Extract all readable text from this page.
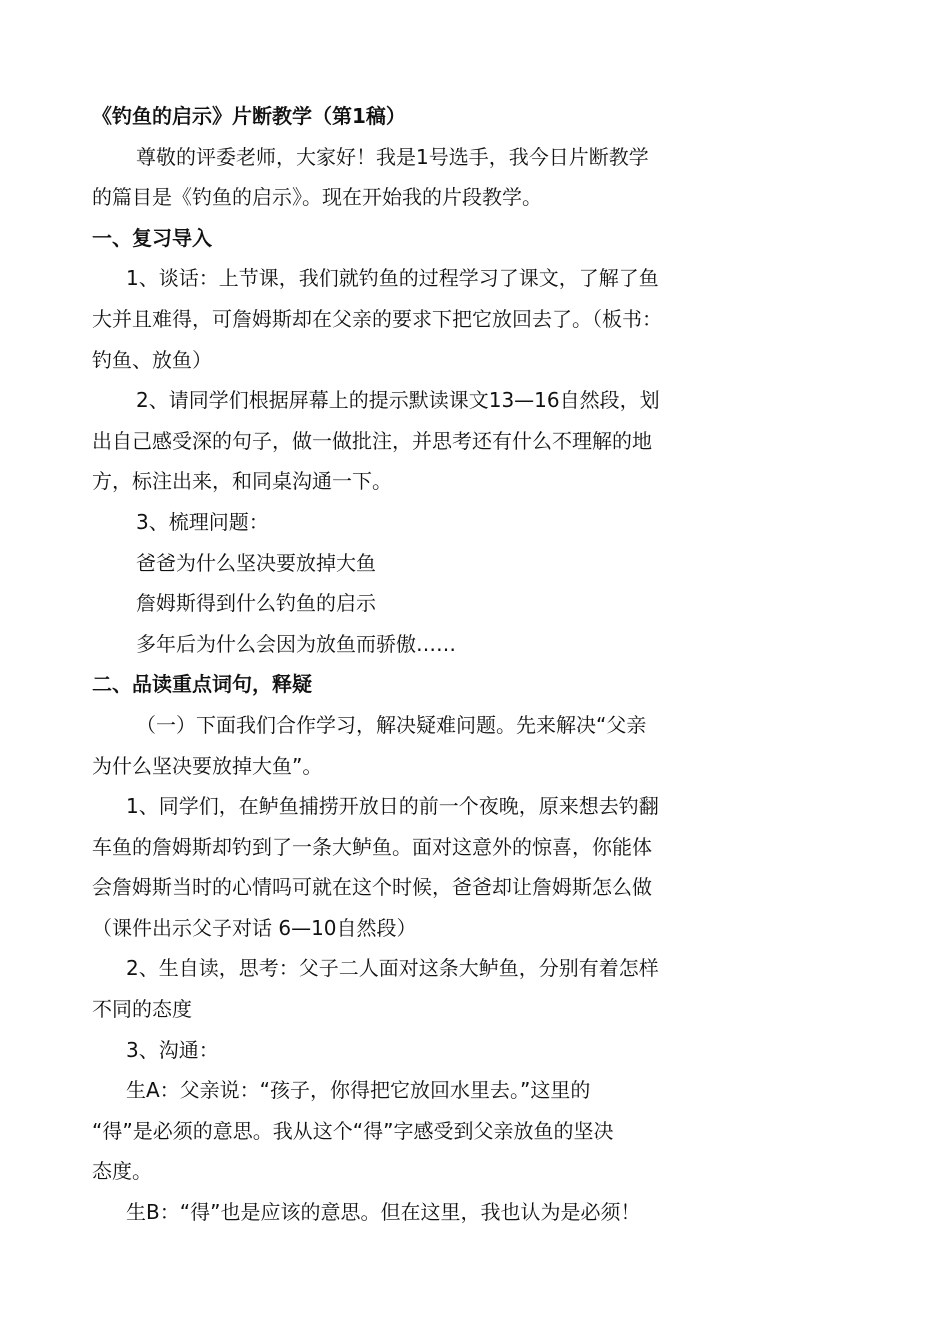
《钓鱼的启示》片断教学（第1稿）
尊敬的评委老师，大家好！我是1号选手，我今日片断教学
的篇目是《钓鱼的启示》。现在开始我的片段教学。
一、复习导入
1、谈话：上节课，我们就钓鱼的过程学习了课文，了解了鱼
大并且难得，可詹姆斯却在父亲的要求下把它放回去了。（板书：
钓鱼、放鱼）
2、请同学们根据屏幕上的提示默读课文13—16自然段，划
出自己感受深的句子，做一做批注，并思考还有什么不理解的地
方，标注出来，和同桌沟通一下。
3、梳理问题：
爸爸为什么坚决要放掉大鱼
詹姆斯得到什么钓鱼的启示
多年后为什么会因为放鱼而骄傲……
二、品读重点词句，释疑
（一）下面我们合作学习，解决疑难问题。先来解决“父亲
为什么坚决要放掉大鱼”。
1、同学们，在鲈鱼捕捞开放日的前一个夜晚，原来想去钓翻
车鱼的詹姆斯却钓到了一条大鲈鱼。面对这意外的惊喜，你能体
会詹姆斯当时的心情吗可就在这个时候，爸爸却让詹姆斯怎么做
（课件出示父子对话 6—10自然段）
2、生自读，思考：父子二人面对这条大鲈鱼，分别有着怎样
不同的态度
3、沟通：
生A：父亲说：“孩子，你得把它放回水里去。”这里的
“得”是必须的意思。我从这个“得”字感受到父亲放鱼的坚决
态度。
生B：“得”也是应该的意思。但在这里，我也认为是必须！
